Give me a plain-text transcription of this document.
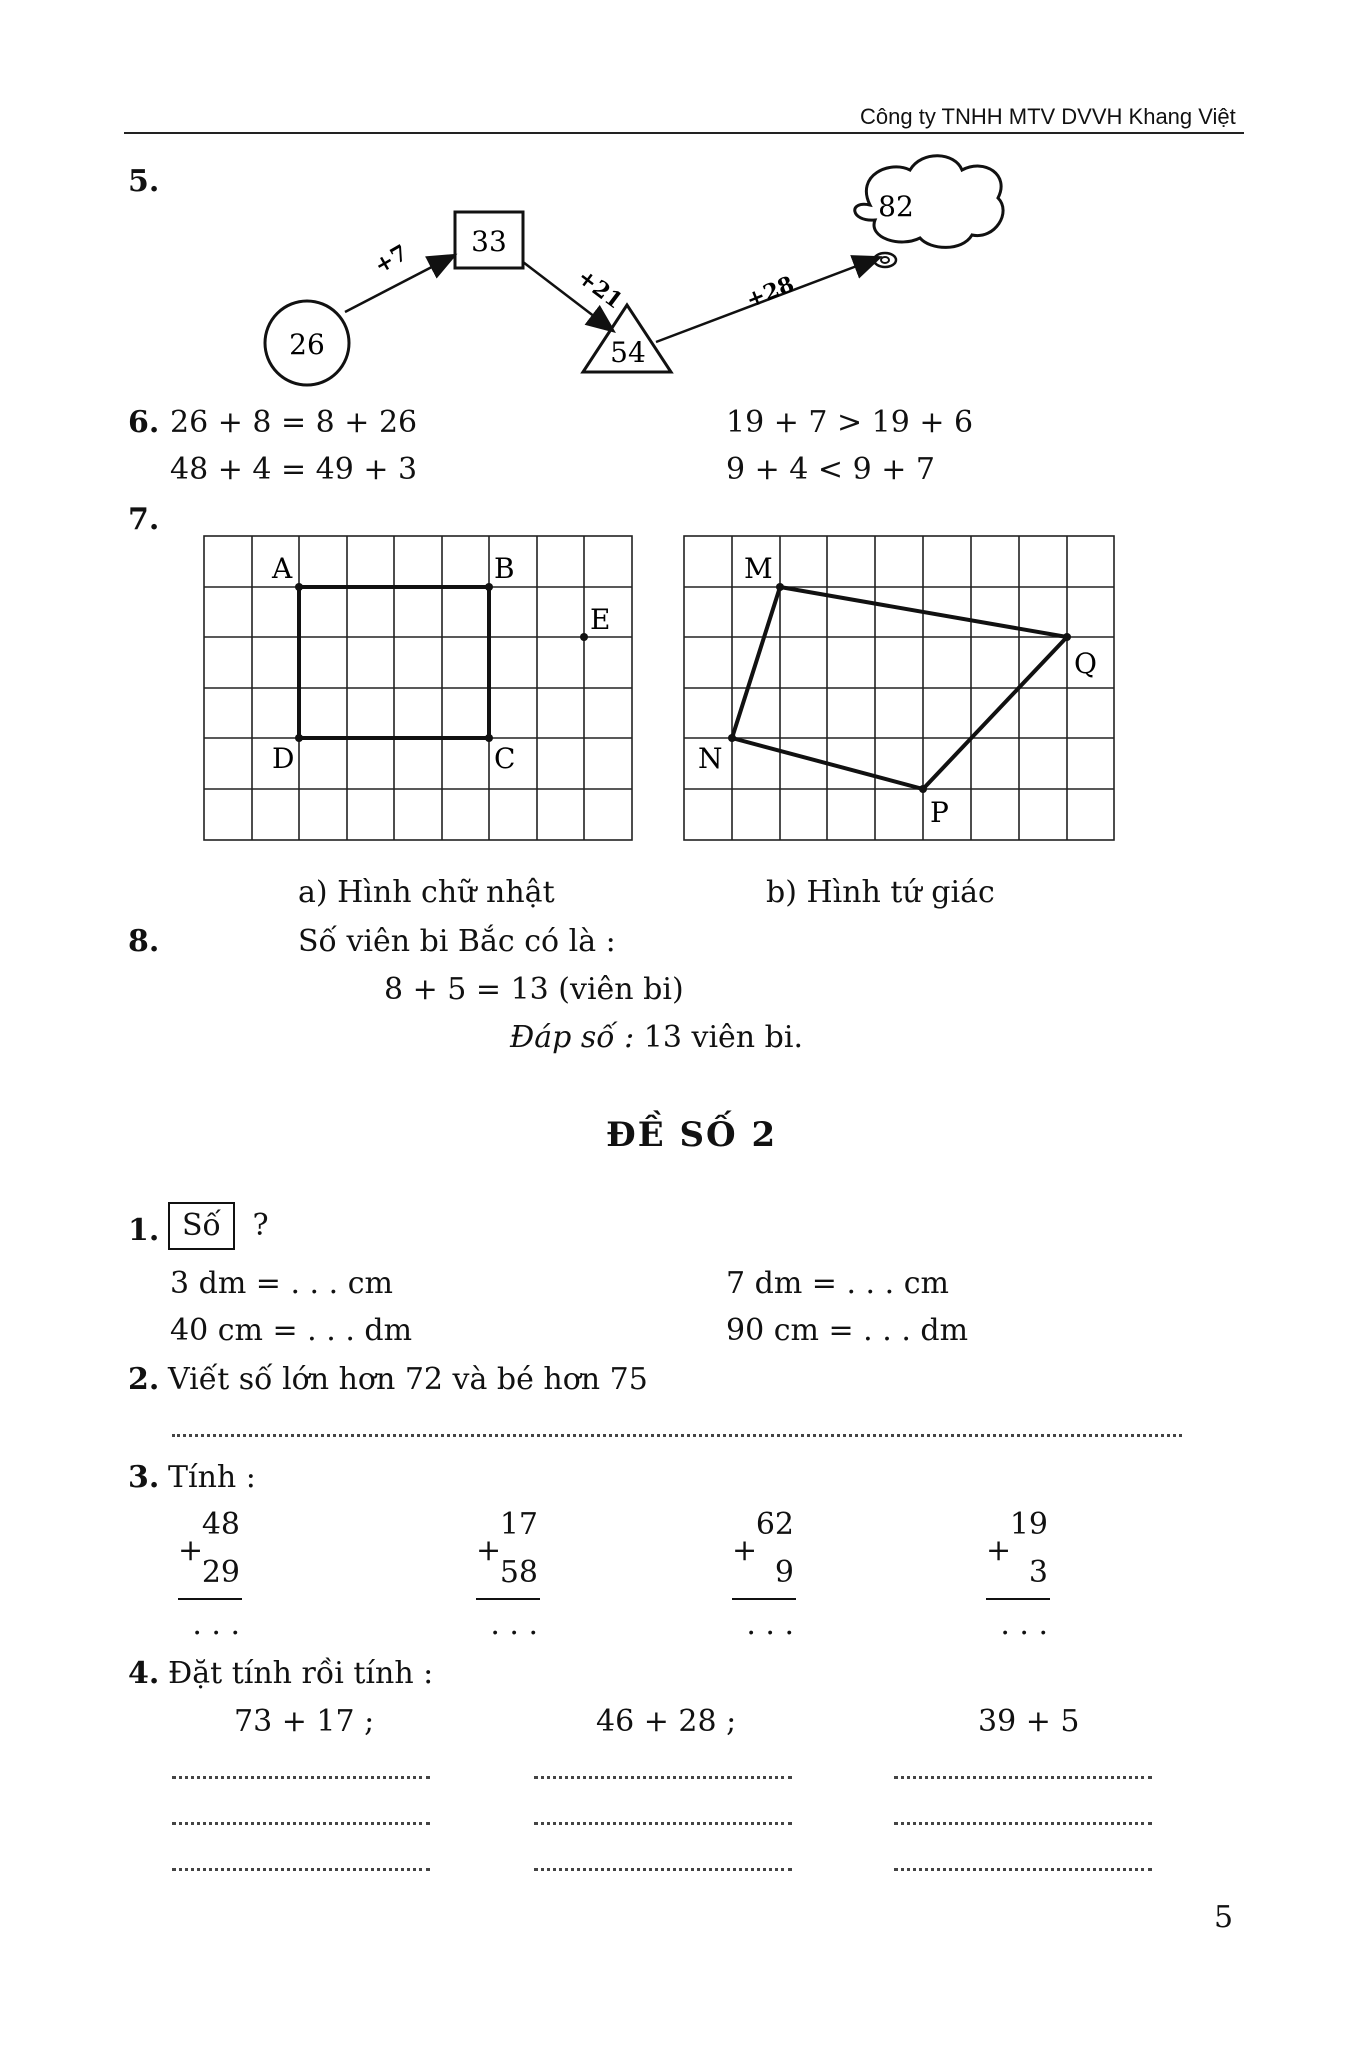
Công ty TNHH MTV DVVH Khang Việt
5.
26
33
54
82
+7
+21	+28
6. 26 + 8 = 8 + 26	19 + 7 > 19 + 6
48 + 4 = 49 + 3	9 + 4 < 9 + 7
7.
A	B
D	C
E
M
Q
N
P
a) Hình chữ nhật	b) Hình tứ giác
8.	Số viên bi Bắc có là :
8 + 5 = 13 (viên bi)
Đáp số : 13 viên bi.
ĐỀ SỐ 2
1. Số ?
3 dm = . . . cm	7 dm = . . . cm
40 cm = . . . dm	90 cm = . . . dm
2. Viết số lớn hơn 72 và bé hơn 75
3. Tính :
48
+
29
. . .
17
+
58
. . .
62
+
9
. . .
19
+
3
. . .
4. Đặt tính rồi tính :
73 + 17 ;	46 + 28 ;	39 + 5
5
